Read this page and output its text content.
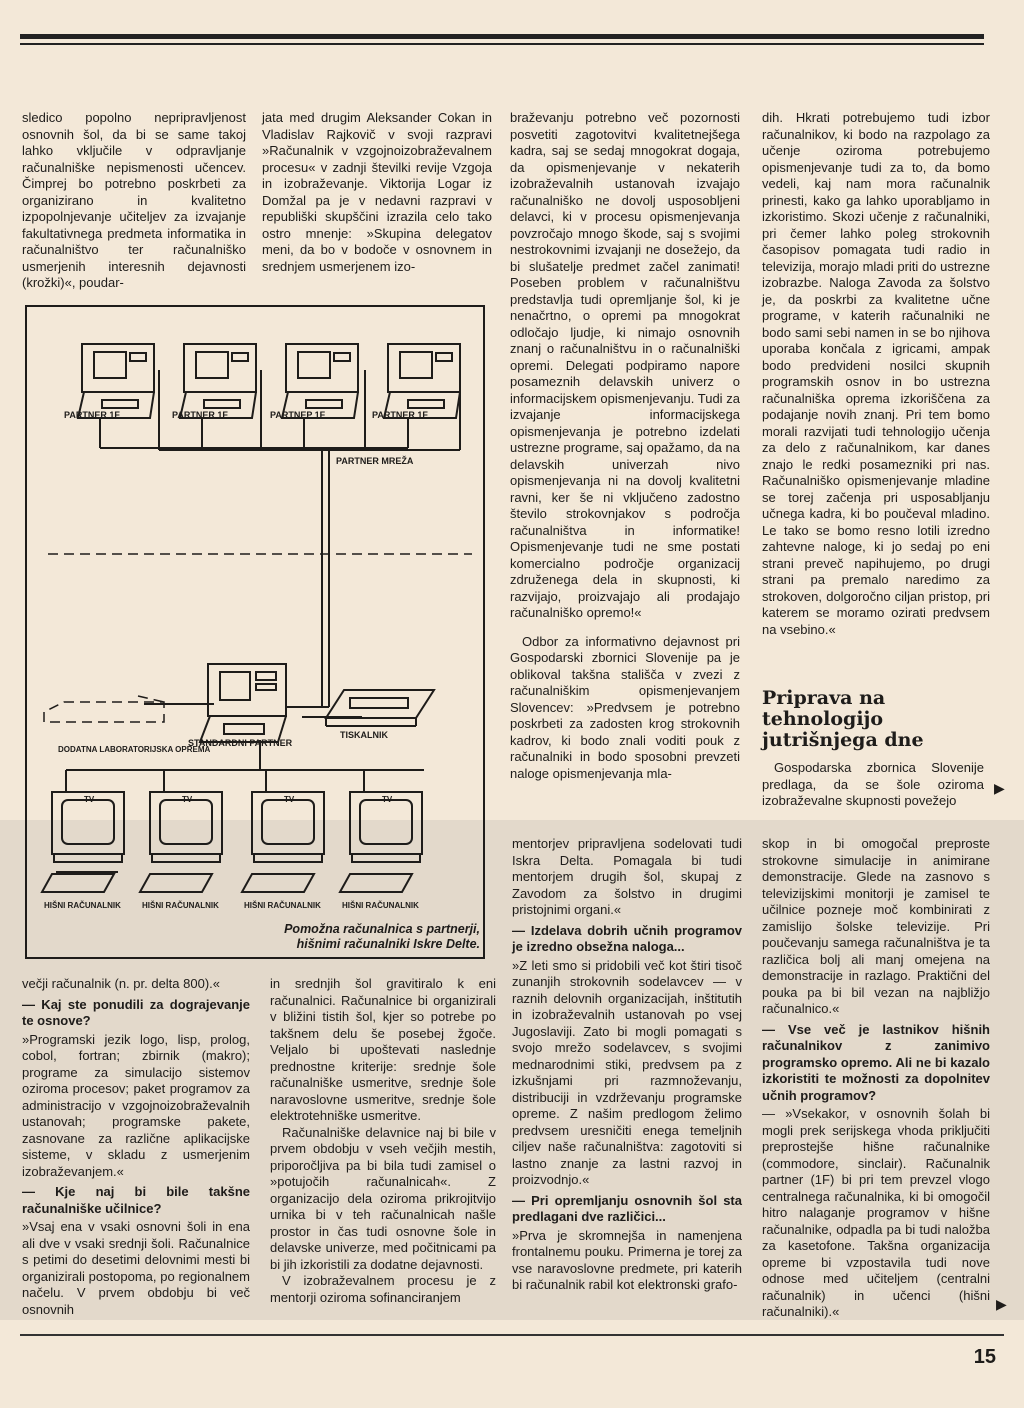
sledico popolno nepripravljenost osnovnih šol, da bi se same takoj lahko vključile v odpravljanje računalniške nepismenosti učencev. Čimprej bo potrebno poskrbeti za organizirano in kvalitetno izpopolnjevanje učiteljev za izvajanje fakultativnega predmeta informatika in računalništvo ter računalniško usmerjenih interesnih dejavnosti (krožki)«, poudar-

jata med drugim Aleksander Cokan in Vladislav Rajkovič v svoji razpravi »Računalnik v vzgojnoizobraževalnem procesu« v zadnji številki revije Vzgoja in izobraževanje. Viktorija Logar iz Domžal pa je v nedavni razpravi v republiški skupščini izrazila celo tako ostro mnenje: »Skupina delegatov meni, da bo v bodoče v osnovnem in srednjem usmerjenem izo-

braževanju potrebno več pozornosti posvetiti zagotovitvi kvalitetnejšega kadra, saj se sedaj mnogokrat dogaja, da opismenjevanje v nekaterih izobraževalnih ustanovah izvajajo računalniško ne dovolj usposobljeni delavci, ki v procesu opismenjevanja povzročajo mnogo škode, saj s svojimi nestrokovnimi izvajanji ne dosežejo, da bi slušatelje predmet začel zanimati! Poseben problem v računalništvu predstavlja tudi opremljanje šol, ki je nenačrtno, o opremi pa mnogokrat odločajo ljudje, ki nimajo osnovnih znanj o računalništvu in o računalniški opremi. Delegati podpiramo napore posameznih delavskih univerz o informacijskem opismenjevanju. Tudi za izvajanje informacijskega opismenjevanja je potrebno izdelati ustrezne programe, saj opažamo, da na delavskih univerzah nivo opismenjevanja ni na dovolj kvalitetni ravni, ker še ni vključeno zadostno število strokovnjakov s področja računalništva in informatike! Opismenjevanje tudi ne sme postati komercialno področje organizacij združenega dela in skupnosti, ki razvijajo, proizvajajo ali prodajajo računalniško opremo!«

Odbor za informativno dejavnost pri Gospodarski zbornici Slovenije pa je oblikoval takšna stališča v zvezi z računalniškim opismenjevanjem Slovencev: »Predvsem je potrebno poskrbeti za zadosten krog strokovnih kadrov, ki bodo znali voditi pouk z računalniki in bodo sposobni prevzeti naloge opismenjevanja mla-

dih. Hkrati potrebujemo tudi izbor računalnikov, ki bodo na razpolago za učenje oziroma potrebujemo opismenjevanje tudi za to, da bomo vedeli, kaj nam mora računalnik prinesti, kako ga lahko uporabljamo in izkoristimo. Skozi učenje z računalniki, pri čemer lahko poleg strokovnih časopisov pomagata tudi radio in televizija, morajo mladi priti do ustrezne izobrazbe. Naloga Zavoda za šolstvo je, da poskrbi za kvalitetne učne programe, v katerih računalniki ne bodo sami sebi namen in se bo njihova uporaba končala z igricami, ampak bodo predvideni nosilci skupnih programskih osnov in bo ustrezna računalniška oprema izkoriščena za podajanje novih znanj. Pri tem bomo morali razvijati tudi tehnologijo učenja za delo z računalnikom, kar danes znajo le redki posamezniki pri nas. Računalniško opismenjevanje mladine se torej začenja pri usposabljanju učnega kadra, ki bo poučeval mladino. Le tako se bomo resno lotili izredno zahtevne naloge, ki jo sedaj po eni strani preveč napihujemo, po drugi strani pa premalo naredimo za strokoven, dolgoročno ciljan pristop, pri katerem se moramo ozirati predvsem na vsebino.«

Gospodarska zbornica Slovenije predlaga, da se šole oziroma izobraževalne skupnosti povežejo

▶
Priprava na tehnologijo jutrišnjega dne
PARTNER 1F	PARTNER 1F	PARTNEP 1F	PARTNER 1F
PARTNER MREŽA
STANDARDNI PARTNER
TISKALNIK
DODATNA LABORATORIJSKA OPREMA
TV	TV	TV	TV
HIŠNI RAČUNALNIK	HIŠNI RAČUNALNIK	HIŠNI RAČUNALNIK	HIŠNI RAČUNALNIK
Pomožna računalnica s partnerji, hišnimi računalniki Iskre Delte.

večji računalnik (n. pr. delta 800).«

— Kaj ste ponudili za dograjevanje te osnove?

»Programski jezik logo, lisp, prolog, cobol, fortran; zbirnik (makro); programe za simulacijo sistemov oziroma procesov; paket programov za administracijo v vzgojnoizobraževalnih ustanovah; programske pakete, zasnovane za različne aplikacijske sisteme, v skladu z usmerjenim izobraževanjem.«

— Kje naj bi bile takšne računalniške učilnice?

»Vsaj ena v vsaki osnovni šoli in ena ali dve v vsaki srednji šoli. Računalnice s petimi do desetimi delovnimi mesti bi organizirali postopoma, po regionalnem načelu. V prvem obdobju bi več osnovnih

in srednjih šol gravitiralo k eni računalnici. Računalnice bi organizirali v bližini tistih šol, kjer so potrebe po takšnem delu še posebej žgoče. Veljalo bi upoštevati naslednje prednostne kriterije: srednje šole računalniške usmeritve, srednje šole naravoslovne usmeritve, srednje šole elektrotehniške usmeritve.

Računalniške delavnice naj bi bile v prvem obdobju v vseh večjih mestih, priporočljiva pa bi bila tudi zamisel o »potujočih računalnicah«. Z organizacijo dela oziroma prikrojitvijo urnika bi v teh računalnicah našle prostor in čas tudi osnovne šole in delavske univerze, med počitnicami pa bi jih izkoristili za dodatne dejavnosti.

V izobraževalnem procesu je z mentorji oziroma sofinanciranjem

mentorjev pripravljena sodelovati tudi Iskra Delta. Pomagala bi tudi mentorjem drugih šol, skupaj z Zavodom za šolstvo in drugimi pristojnimi organi.«

— Izdelava dobrih učnih programov je izredno obsežna naloga...

»Z leti smo si pridobili več kot štiri tisoč zunanjih strokovnih sodelavcev — v raznih delovnih organizacijah, inštitutih in izobraževalnih ustanovah po vsej Jugoslaviji. Zato bi mogli pomagati s svojo mrežo sodelavcev, s svojimi mednarodnimi stiki, predvsem pa z izkušnjami pri razmnoževanju, distribuciji in vzdrževanju programske opreme. Z našim predlogom želimo predvsem uresničiti enega temeljnih ciljev naše računalništva: zagotoviti si lastno znanje za lastni razvoj in proizvodnjo.«

— Pri opremljanju osnovnih šol sta predlagani dve različici...

»Prva je skromnejša in namenjena frontalnemu pouku. Primerna je torej za vse naravoslovne predmete, pri katerih bi računalnik rabil kot elektronski grafo-

skop in bi omogočal preproste strokovne simulacije in animirane demonstracije. Glede na zasnovo s televizijskimi monitorji je zamisel te učilnice pozneje moč kombinirati z zamislijo šolske televizije. Pri poučevanju samega računalništva je ta različica bolj ali manj omejena na demonstracije in razlago. Praktični del pouka pa bi bil vezan na najbližjo računalnico.«

— Vse več je lastnikov hišnih računalnikov z zanimivo programsko opremo. Ali ne bi kazalo izkoristiti te možnosti za dopolnitev učnih programov?

— »Vsekakor, v osnovnih šolah bi mogli prek serijskega vhoda priključiti preprostejše hišne računalnike (commodore, sinclair). Računalnik partner (1F) bi pri tem prevzel vlogo centralnega računalnika, ki bi omogočil hitro nalaganje programov v hišne računalnike, odpadla pa bi tudi naložba za kasetofone. Takšna organizacija opreme bi vzpostavila tudi nove odnose med učiteljem (centralni računalnik) in učenci (hišni računalniki).«	▶
15
